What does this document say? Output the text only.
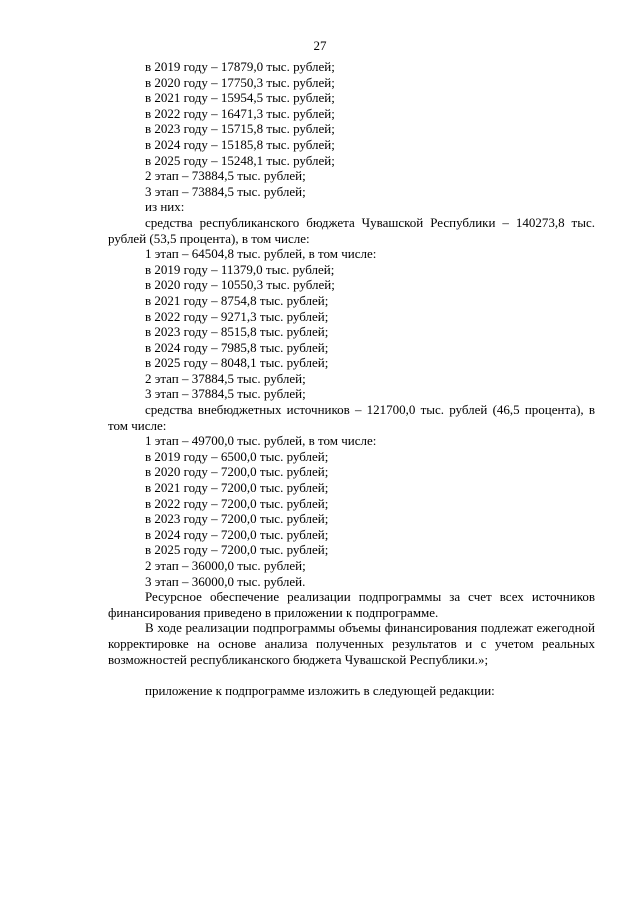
27
в 2019 году – 17879,0 тыс. рублей;
в 2020 году – 17750,3 тыс. рублей;
в 2021 году – 15954,5 тыс. рублей;
в 2022 году – 16471,3 тыс. рублей;
в 2023 году – 15715,8 тыс. рублей;
в 2024 году – 15185,8 тыс. рублей;
в 2025 году – 15248,1 тыс. рублей;
2 этап – 73884,5 тыс. рублей;
3 этап – 73884,5 тыс. рублей;
из них:
средства республиканского бюджета Чувашской Республики – 140273,8 тыс. рублей (53,5 процента), в том числе:
1 этап – 64504,8 тыс. рублей, в том числе:
в 2019 году – 11379,0 тыс. рублей;
в 2020 году – 10550,3 тыс. рублей;
в 2021 году – 8754,8 тыс. рублей;
в 2022 году – 9271,3 тыс. рублей;
в 2023 году – 8515,8 тыс. рублей;
в 2024 году – 7985,8 тыс. рублей;
в 2025 году – 8048,1 тыс. рублей;
2 этап – 37884,5 тыс. рублей;
3 этап – 37884,5 тыс. рублей;
средства внебюджетных источников – 121700,0 тыс. рублей (46,5 процента), в том числе:
1 этап – 49700,0 тыс. рублей, в том числе:
в 2019 году – 6500,0 тыс. рублей;
в 2020 году – 7200,0 тыс. рублей;
в 2021 году – 7200,0 тыс. рублей;
в 2022 году – 7200,0 тыс. рублей;
в 2023 году – 7200,0 тыс. рублей;
в 2024 году – 7200,0 тыс. рублей;
в 2025 году – 7200,0 тыс. рублей;
2 этап – 36000,0 тыс. рублей;
3 этап – 36000,0 тыс. рублей.
Ресурсное обеспечение реализации подпрограммы за счет всех источников финансирования приведено в приложении к подпрограмме.
В ходе реализации подпрограммы объемы финансирования подлежат ежегодной корректировке на основе анализа полученных результатов и с учетом реальных возможностей республиканского бюджета Чувашской Республики.»;
приложение к подпрограмме изложить в следующей редакции:
